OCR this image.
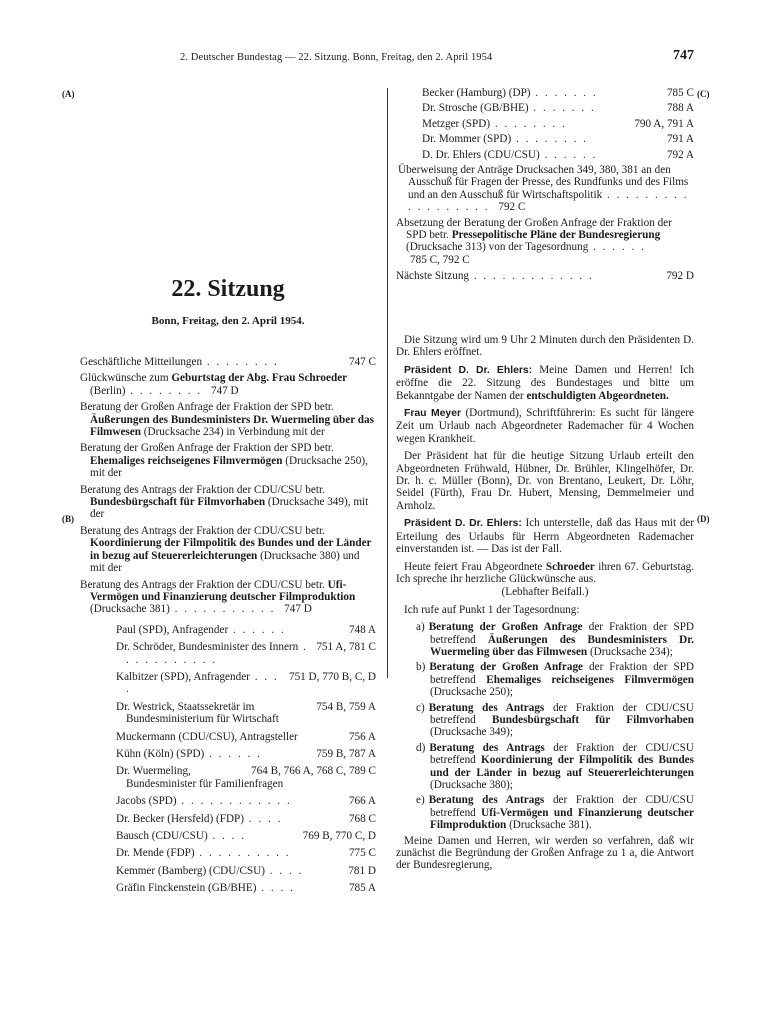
2. Deutscher Bundestag — 22. Sitzung. Bonn, Freitag, den 2. April 1954	747
(A)
(B)
(C)
(D)
22. Sitzung
Bonn, Freitag, den 2. April 1954.

747 C
Geschäftliche Mitteilungen . . . . . . . .

Glückwünsche zum Geburtstag der Abg. Frau Schroeder (Berlin) . . . . . . . . 747 D

Beratung der Großen Anfrage der Fraktion der SPD betr. Äußerungen des Bundesministers Dr. Wuermeling über das Filmwesen (Drucksache 234) in Verbindung mit der

Beratung der Großen Anfrage der Fraktion der SPD betr. Ehemaliges reichseigenes Filmvermögen (Drucksache 250), mit der

Beratung des Antrags der Fraktion der CDU/CSU betr. Bundesbürgschaft für Filmvorhaben (Drucksache 349), mit der

Beratung des Antrags der Fraktion der CDU/CSU betr. Koordinierung der Filmpolitik des Bundes und der Länder in bezug auf Steuererleichterungen (Drucksache 380) und mit der

Beratung des Antrags der Fraktion der CDU/CSU betr. Ufi-Vermögen und Finanzierung deutscher Filmproduktion (Drucksache 381) . . . . . . . . . . . 747 D

748 A
Paul (SPD), Anfragender . . . . . .

751 A, 781 C
Dr. Schröder, Bundesminister des Innern . . . . . . . . . . .

751 D, 770 B, C, D
Kalbitzer (SPD), Anfragender . . . .

754 B, 759 A
Dr. Westrick, Staatssekretär im Bundesministerium für Wirtschaft

756 A
Muckermann (CDU/CSU), Antragsteller

759 B, 787 A
Kühn (Köln) (SPD) . . . . . .

764 B, 766 A, 768 C, 789 C
Dr. Wuermeling, Bundesminister für Familienfragen

766 A
Jacobs (SPD) . . . . . . . . . . . .

768 C
Dr. Becker (Hersfeld) (FDP) . . . .

769 B, 770 C, D
Bausch (CDU/CSU) . . . .

775 C
Dr. Mende (FDP) . . . . . . . . . .

781 D
Kemmer (Bamberg) (CDU/CSU) . . . .

785 A
Gräfin Finckenstein (GB/BHE) . . . .

785 C
Becker (Hamburg) (DP) . . . . . . .

788 A
Dr. Strosche (GB/BHE) . . . . . . .

790 A, 791 A
Metzger (SPD) . . . . . . . .

791 A
Dr. Mommer (SPD) . . . . . . . .

792 A
D. Dr. Ehlers (CDU/CSU) . . . . . .

Überweisung der Anträge Drucksachen 349, 380, 381 an den Ausschuß für Fragen der Presse, des Rundfunks und des Films und an den Ausschuß für Wirtschaftspolitik . . . . . . . . . . . . . . . . . . 792 C

Absetzung der Beratung der Großen Anfrage der Fraktion der SPD betr. Pressepolitische Pläne der Bundesregierung (Drucksache 313) von der Tagesordnung . . . . . . 785 C, 792 C

792 D
Nächste Sitzung . . . . . . . . . . . . .

Die Sitzung wird um 9 Uhr 2 Minuten durch den Präsidenten D. Dr. Ehlers eröffnet.

Präsident D. Dr. Ehlers: Meine Damen und Herren! Ich eröffne die 22. Sitzung des Bundestages und bitte um Bekanntgabe der Namen der entschuldigten Abgeordneten.

Frau Meyer (Dortmund), Schriftführerin: Es sucht für längere Zeit um Urlaub nach Abgeordneter Rademacher für 4 Wochen wegen Krankheit.

Der Präsident hat für die heutige Sitzung Urlaub erteilt den Abgeordneten Frühwald, Hübner, Dr. Brühler, Klingelhöfer, Dr. Dr. h. c. Müller (Bonn), Dr. von Brentano, Leukert, Dr. Löhr, Seidel (Fürth), Frau Dr. Hubert, Mensing, Demmelmeier und Arnholz.

Präsident D. Dr. Ehlers: Ich unterstelle, daß das Haus mit der Erteilung des Urlaubs für Herrn Abgeordneten Rademacher einverstanden ist. — Das ist der Fall.

Heute feiert Frau Abgeordnete Schroeder ihren 67. Geburtstag. Ich spreche ihr herzliche Glückwünsche aus.

(Lebhafter Beifall.)

Ich rufe auf Punkt 1 der Tagesordnung:

a) Beratung der Großen Anfrage der Fraktion der SPD betreffend Äußerungen des Bundesministers Dr. Wuermeling über das Filmwesen (Drucksache 234);

b) Beratung der Großen Anfrage der Fraktion der SPD betreffend Ehemaliges reichseigenes Filmvermögen (Drucksache 250);

c) Beratung des Antrags der Fraktion der CDU/CSU betreffend Bundesbürgschaft für Filmvorhaben (Drucksache 349);

d) Beratung des Antrags der Fraktion der CDU/CSU betreffend Koordinierung der Filmpolitik des Bundes und der Länder in bezug auf Steuererleichterungen (Drucksache 380);

e) Beratung des Antrags der Fraktion der CDU/CSU betreffend Ufi-Vermögen und Finanzierung deutscher Filmproduktion (Drucksache 381).

Meine Damen und Herren, wir werden so verfahren, daß wir zunächst die Begründung der Großen Anfrage zu 1 a, die Antwort der Bundesregierung,
